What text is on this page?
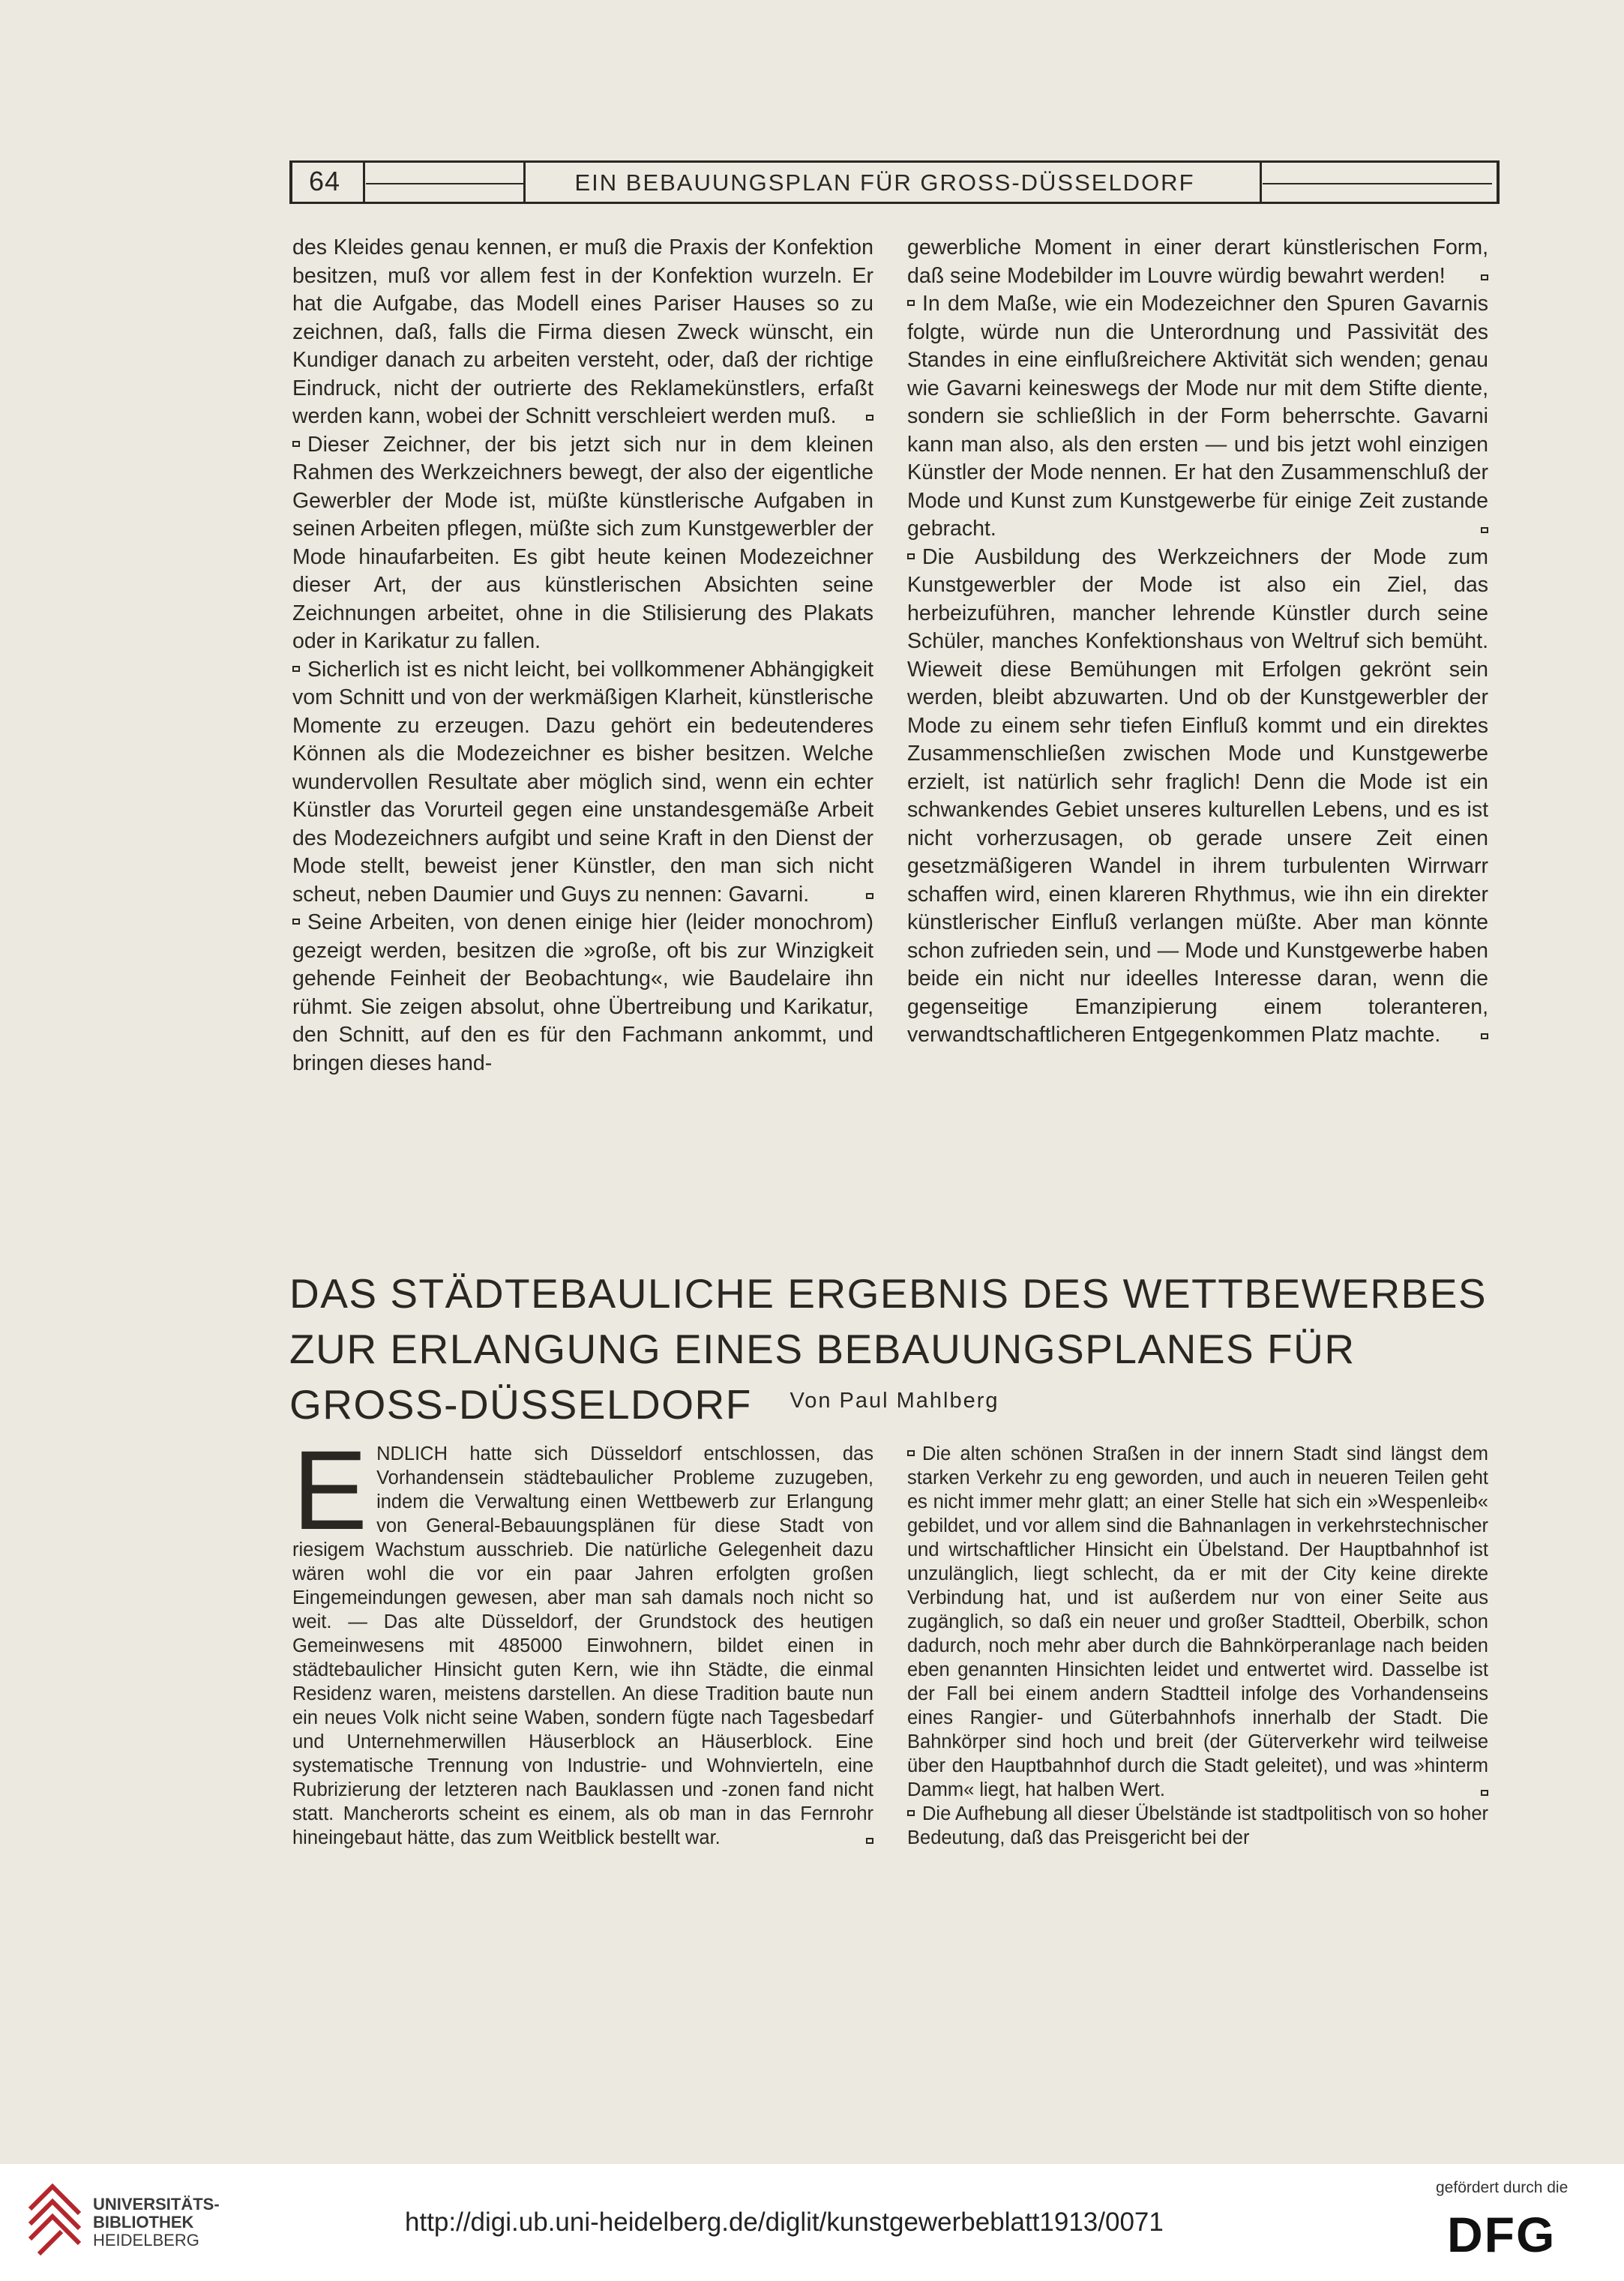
64	EIN BEBAUUNGSPLAN FÜR GROSS-DÜSSELDORF

des Kleides genau kennen, er muß die Praxis der Konfektion besitzen, muß vor allem fest in der Konfektion wurzeln. Er hat die Aufgabe, das Modell eines Pariser Hauses so zu zeichnen, daß, falls die Firma diesen Zweck wünscht, ein Kundiger danach zu arbeiten versteht, oder, daß der richtige Eindruck, nicht der outrierte des Reklamekünstlers, erfaßt werden kann, wobei der Schnitt verschleiert werden muß.

Dieser Zeichner, der bis jetzt sich nur in dem kleinen Rahmen des Werkzeichners bewegt, der also der eigentliche Gewerbler der Mode ist, müßte künstlerische Aufgaben in seinen Arbeiten pflegen, müßte sich zum Kunstgewerbler der Mode hinaufarbeiten. Es gibt heute keinen Modezeichner dieser Art, der aus künstlerischen Absichten seine Zeichnungen arbeitet, ohne in die Stilisierung des Plakats oder in Karikatur zu fallen.

Sicherlich ist es nicht leicht, bei vollkommener Abhängigkeit vom Schnitt und von der werkmäßigen Klarheit, künstlerische Momente zu erzeugen. Dazu gehört ein bedeutenderes Können als die Modezeichner es bisher besitzen. Welche wundervollen Resultate aber möglich sind, wenn ein echter Künstler das Vorurteil gegen eine unstandesgemäße Arbeit des Modezeichners aufgibt und seine Kraft in den Dienst der Mode stellt, beweist jener Künstler, den man sich nicht scheut, neben Daumier und Guys zu nennen: Gavarni.

Seine Arbeiten, von denen einige hier (leider monochrom) gezeigt werden, besitzen die »große, oft bis zur Winzigkeit gehende Feinheit der Beobachtung«, wie Baudelaire ihn rühmt. Sie zeigen absolut, ohne Übertreibung und Karikatur, den Schnitt, auf den es für den Fachmann ankommt, und bringen dieses hand-

gewerbliche Moment in einer derart künstlerischen Form, daß seine Modebilder im Louvre würdig bewahrt werden!

In dem Maße, wie ein Modezeichner den Spuren Gavarnis folgte, würde nun die Unterordnung und Passivität des Standes in eine einflußreichere Aktivität sich wenden; genau wie Gavarni keineswegs der Mode nur mit dem Stifte diente, sondern sie schließlich in der Form beherrschte. Gavarni kann man also, als den ersten — und bis jetzt wohl einzigen Künstler der Mode nennen. Er hat den Zusammenschluß der Mode und Kunst zum Kunstgewerbe für einige Zeit zustande gebracht.

Die Ausbildung des Werkzeichners der Mode zum Kunstgewerbler der Mode ist also ein Ziel, das herbeizuführen, mancher lehrende Künstler durch seine Schüler, manches Konfektionshaus von Weltruf sich bemüht. Wieweit diese Bemühungen mit Erfolgen gekrönt sein werden, bleibt abzuwarten. Und ob der Kunstgewerbler der Mode zu einem sehr tiefen Einfluß kommt und ein direktes Zusammenschließen zwischen Mode und Kunstgewerbe erzielt, ist natürlich sehr fraglich! Denn die Mode ist ein schwankendes Gebiet unseres kulturellen Lebens, und es ist nicht vorherzusagen, ob gerade unsere Zeit einen gesetzmäßigeren Wandel in ihrem turbulenten Wirrwarr schaffen wird, einen klareren Rhythmus, wie ihn ein direkter künstlerischer Einfluß verlangen müßte. Aber man könnte schon zufrieden sein, und — Mode und Kunstgewerbe haben beide ein nicht nur ideelles Interesse daran, wenn die gegenseitige Emanzipierung einem toleranteren, verwandtschaftlicheren Entgegenkommen Platz machte.

DAS STÄDTEBAULICHE ERGEBNIS DES WETTBEWERBES ZUR ERLANGUNG EINES BEBAUUNGSPLANES FÜR GROSS-DÜSSELDORF	Von Paul Mahlberg

ENDLICH hatte sich Düsseldorf entschlossen, das Vorhandensein städtebaulicher Probleme zuzugeben, indem die Verwaltung einen Wettbewerb zur Erlangung von General-Bebauungsplänen für diese Stadt von riesigem Wachstum ausschrieb. Die natürliche Gelegenheit dazu wären wohl die vor ein paar Jahren erfolgten großen Eingemeindungen gewesen, aber man sah damals noch nicht so weit. — Das alte Düsseldorf, der Grundstock des heutigen Gemeinwesens mit 485000 Einwohnern, bildet einen in städtebaulicher Hinsicht guten Kern, wie ihn Städte, die einmal Residenz waren, meistens darstellen. An diese Tradition baute nun ein neues Volk nicht seine Waben, sondern fügte nach Tagesbedarf und Unternehmerwillen Häuserblock an Häuserblock. Eine systematische Trennung von Industrie- und Wohnvierteln, eine Rubrizierung der letzteren nach Bauklassen und -zonen fand nicht statt. Mancherorts scheint es einem, als ob man in das Fernrohr hineingebaut hätte, das zum Weitblick bestellt war.

Die alten schönen Straßen in der innern Stadt sind längst dem starken Verkehr zu eng geworden, und auch in neueren Teilen geht es nicht immer mehr glatt; an einer Stelle hat sich ein »Wespenleib« gebildet, und vor allem sind die Bahnanlagen in verkehrstechnischer und wirtschaftlicher Hinsicht ein Übelstand. Der Hauptbahnhof ist unzulänglich, liegt schlecht, da er mit der City keine direkte Verbindung hat, und ist außerdem nur von einer Seite aus zugänglich, so daß ein neuer und großer Stadtteil, Oberbilk, schon dadurch, noch mehr aber durch die Bahnkörperanlage nach beiden eben genannten Hinsichten leidet und entwertet wird. Dasselbe ist der Fall bei einem andern Stadtteil infolge des Vorhandenseins eines Rangier- und Güterbahnhofs innerhalb der Stadt. Die Bahnkörper sind hoch und breit (der Güterverkehr wird teilweise über den Hauptbahnhof durch die Stadt geleitet), und was »hinterm Damm« liegt, hat halben Wert.

Die Aufhebung all dieser Übelstände ist stadtpolitisch von so hoher Bedeutung, daß das Preisgericht bei der

UNIVERSITÄTS-
BIBLIOTHEK
HEIDELBERG
http://digi.ub.uni-heidelberg.de/diglit/kunstgewerbeblatt1913/0071
gefördert durch die
DFG
